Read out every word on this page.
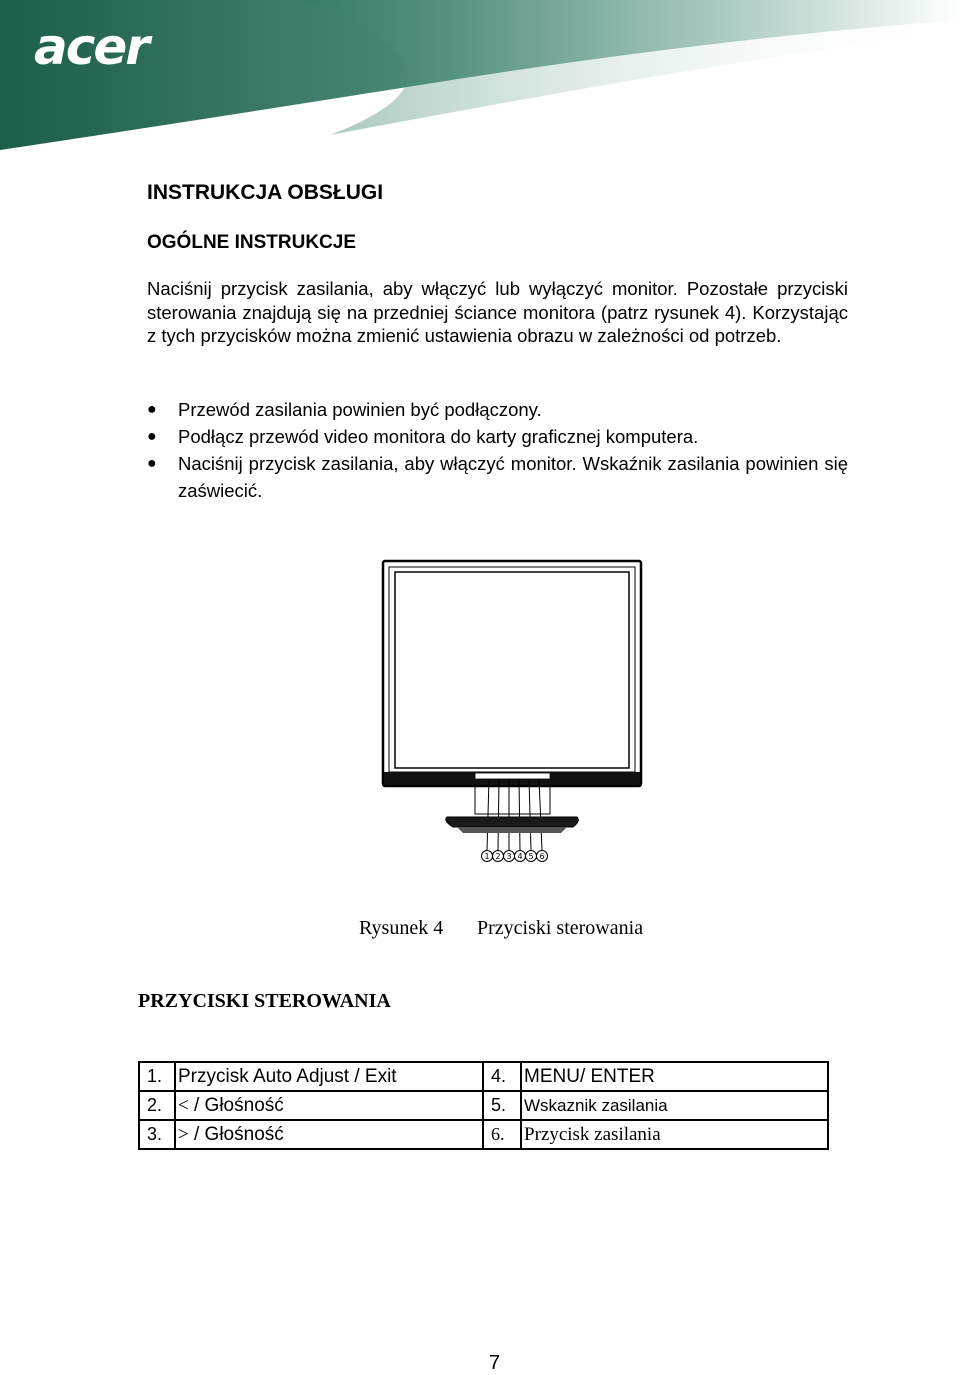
acer
INSTRUKCJA OBSŁUGI
OGÓLNE INSTRUKCJE
Naciśnij przycisk zasilania, aby włączyć lub wyłączyć monitor. Pozostałe przyciski sterowania znajdują się na przedniej ściance monitora (patrz rysunek 4). Korzystając z tych przycisków można zmienić ustawienia obrazu w zależności od potrzeb.
● Przewód zasilania powinien być podłączony.
● Podłącz przewód video monitora do karty graficznej komputera.
● Naciśnij przycisk zasilania, aby włączyć monitor. Wskaźnik zasilania powinien się zaświecić.
1 2 3 4 5 6
Rysunek 4 Przyciski sterowania
PRZYCISKI STEROWANIA
1.	Przycisk Auto Adjust / Exit	4.	MENU/ ENTER
2.	< / Głośność	5.	Wskaznik zasilania
3.	> / Głośność	6.	Przycisk zasilania
7
